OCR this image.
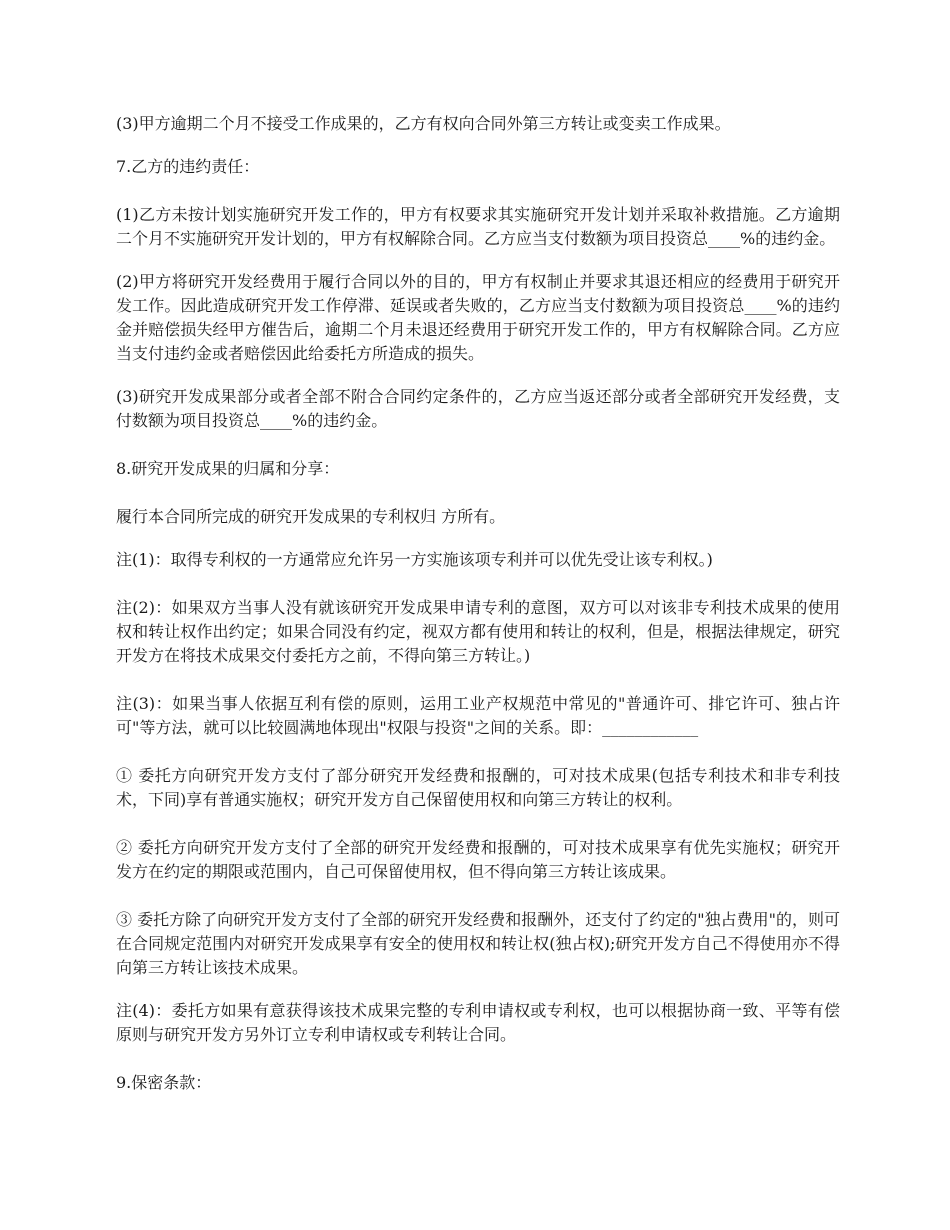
(3)甲方逾期二个月不接受工作成果的，乙方有权向合同外第三方转让或变卖工作成果。

7.乙方的违约责任：

(1)乙方未按计划实施研究开发工作的，甲方有权要求其实施研究开发计划并采取补救措施。乙方逾期二个月不实施研究开发计划的，甲方有权解除合同。乙方应当支付数额为项目投资总____%的违约金。

(2)甲方将研究开发经费用于履行合同以外的目的，甲方有权制止并要求其退还相应的经费用于研究开发工作。因此造成研究开发工作停滞、延误或者失败的，乙方应当支付数额为项目投资总____%的违约金并赔偿损失经甲方催告后，逾期二个月未退还经费用于研究开发工作的，甲方有权解除合同。乙方应当支付违约金或者赔偿因此给委托方所造成的损失。

(3)研究开发成果部分或者全部不附合合同约定条件的，乙方应当返还部分或者全部研究开发经费，支付数额为项目投资总____%的违约金。

8.研究开发成果的归属和分享：

履行本合同所完成的研究开发成果的专利权归 方所有。

注(1)：取得专利权的一方通常应允许另一方实施该项专利并可以优先受让该专利权。)

注(2)：如果双方当事人没有就该研究开发成果申请专利的意图，双方可以对该非专利技术成果的使用权和转让权作出约定；如果合同没有约定，视双方都有使用和转让的权利，但是，根据法律规定，研究开发方在将技术成果交付委托方之前，不得向第三方转让。)

注(3)：如果当事人依据互利有偿的原则，运用工业产权规范中常见的"普通许可、排它许可、独占许可"等方法，就可以比较圆满地体现出"权限与投资"之间的关系。即：____________

① 委托方向研究开发方支付了部分研究开发经费和报酬的，可对技术成果(包括专利技术和非专利技术，下同)享有普通实施权；研究开发方自己保留使用权和向第三方转让的权利。

② 委托方向研究开发方支付了全部的研究开发经费和报酬的，可对技术成果享有优先实施权；研究开发方在约定的期限或范围内，自己可保留使用权，但不得向第三方转让该成果。

③ 委托方除了向研究开发方支付了全部的研究开发经费和报酬外，还支付了约定的"独占费用"的，则可在合同规定范围内对研究开发成果享有安全的使用权和转让权(独占权);研究开发方自己不得使用亦不得向第三方转让该技术成果。

注(4)：委托方如果有意获得该技术成果完整的专利申请权或专利权，也可以根据协商一致、平等有偿原则与研究开发方另外订立专利申请权或专利转让合同。

9.保密条款：
